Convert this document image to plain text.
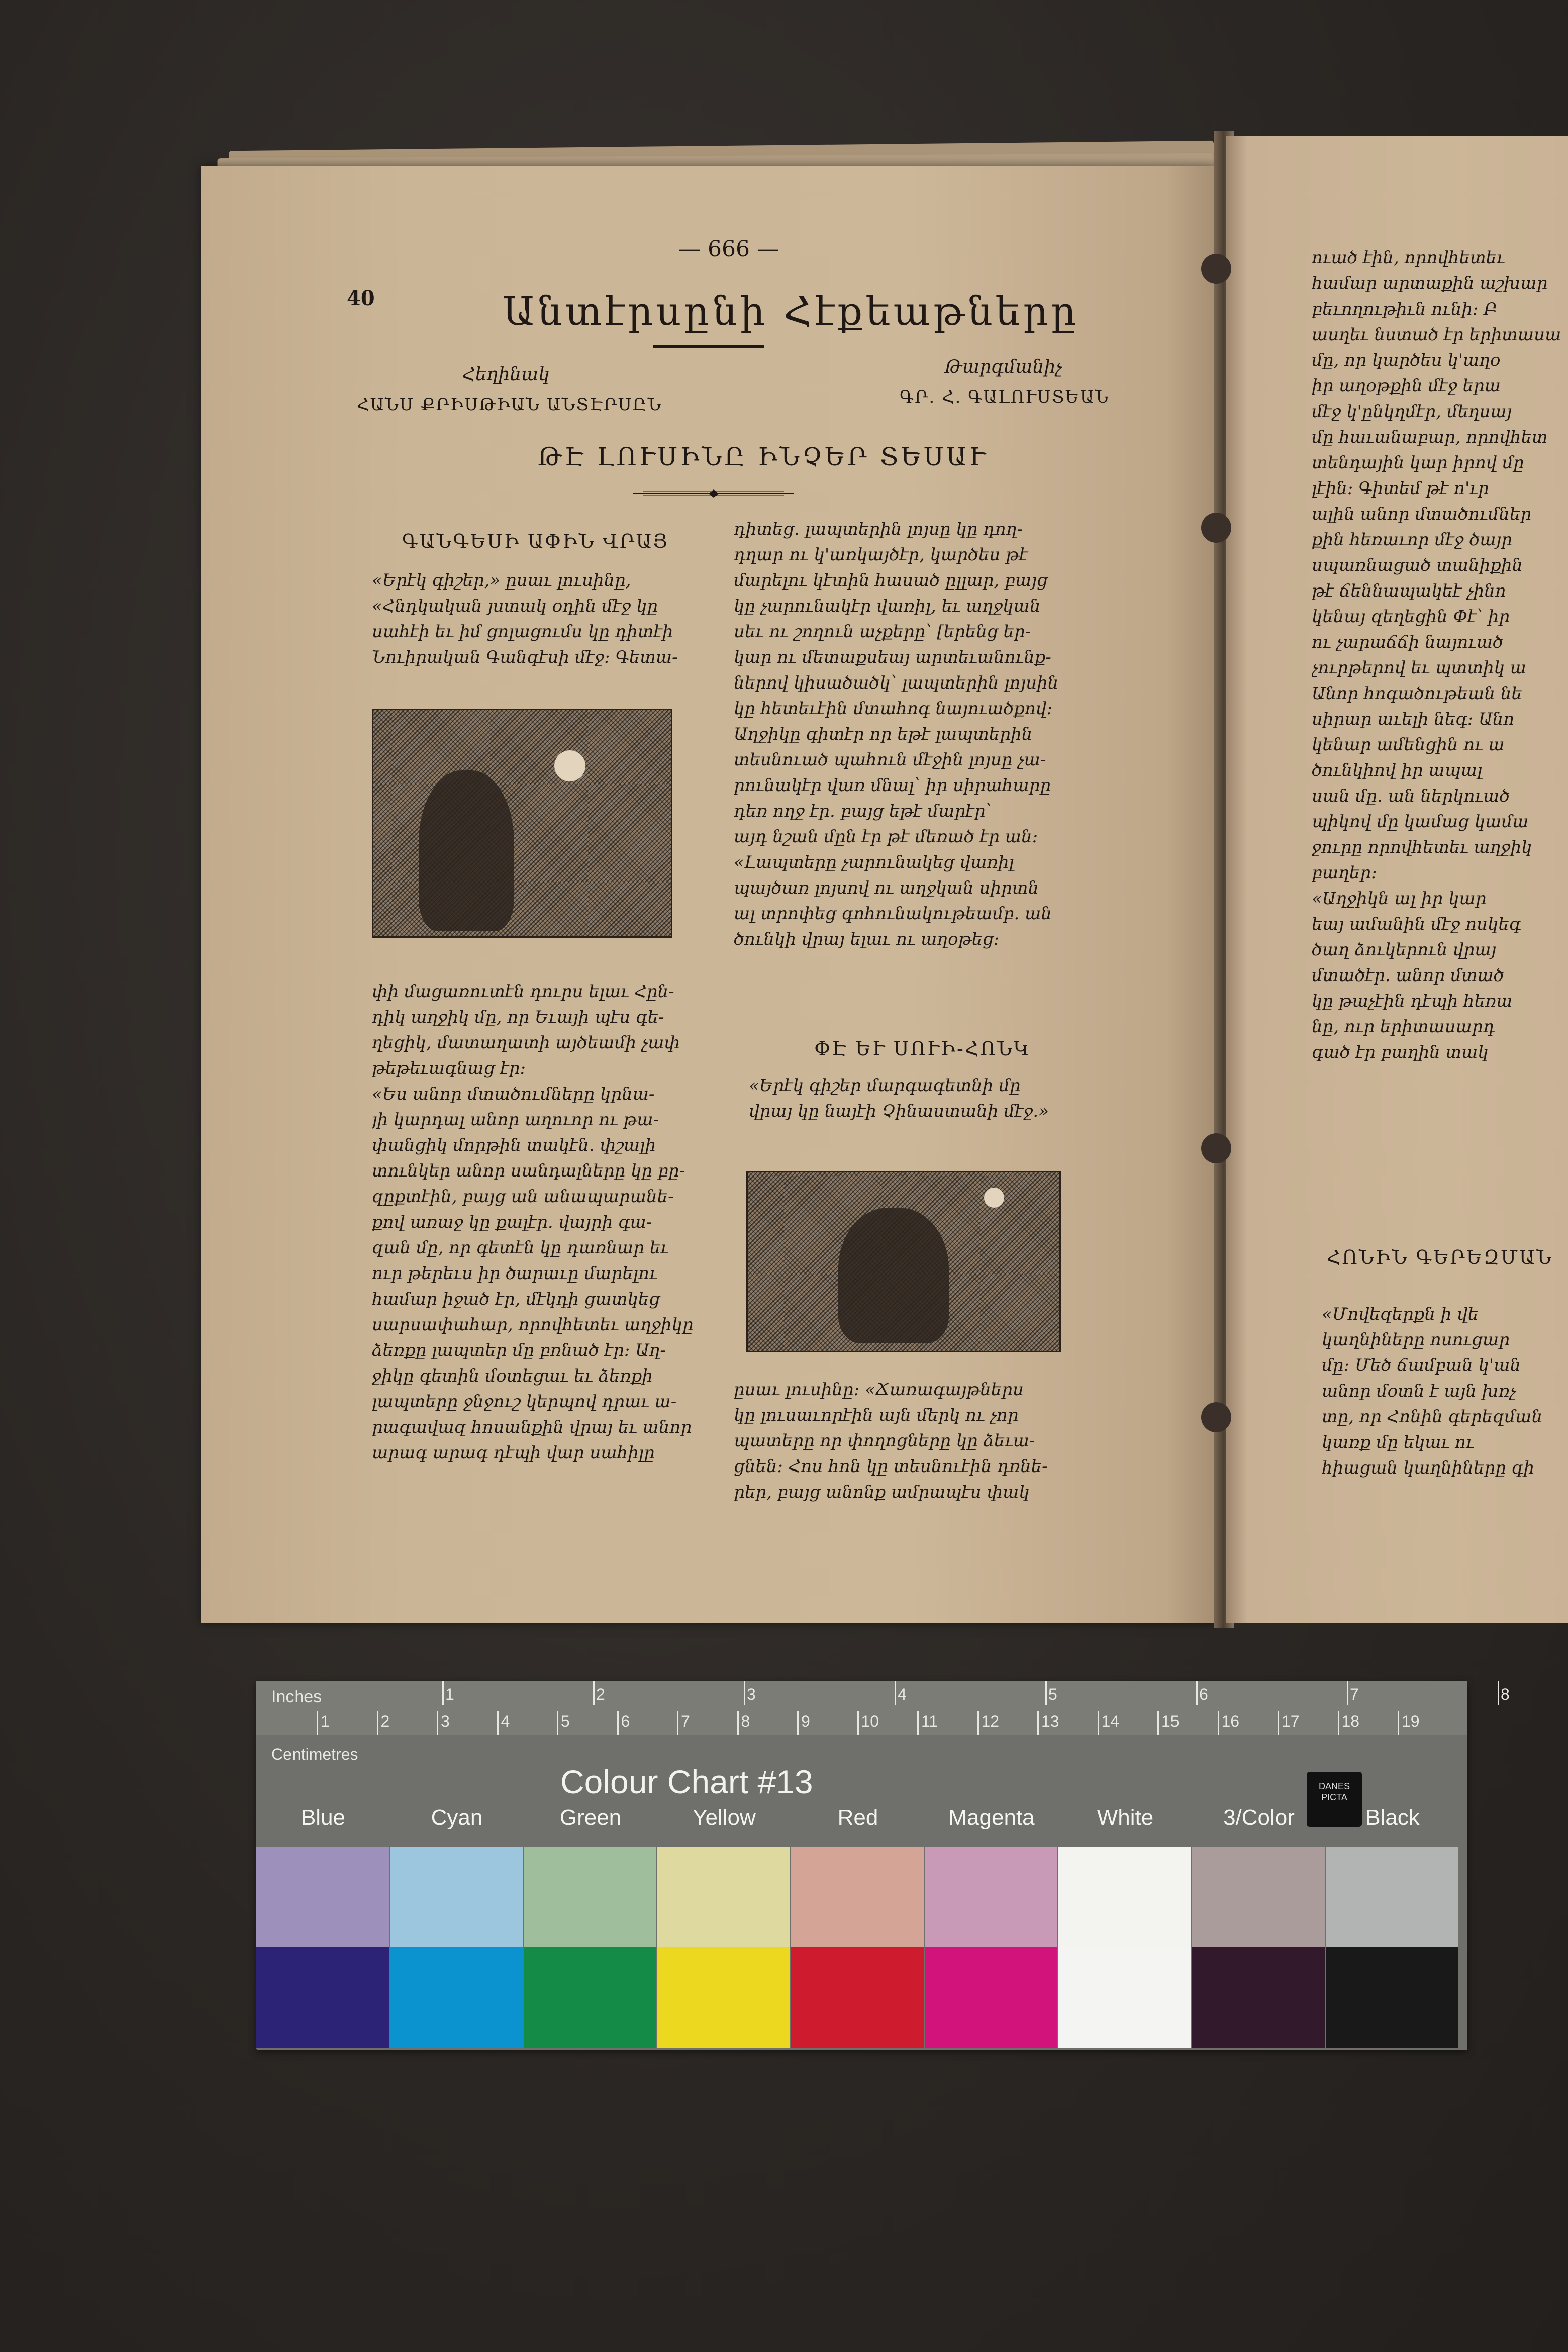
— 666 —
40	Անտէրսընի Հէքեաթները
Հեղինակ
ՀԱՆՍ ՔՐԻՍԹԻԱՆ ԱՆՏԷՐՍԸՆ
Թարգմանիչ
ԳՐ. Հ. ԳԱԼՈՒՍՏԵԱՆ
ԹԷ ԼՈՒՍԻՆԸ ԻՆՉԵՐ ՏԵՍԱՒ
ԳԱՆԳԵՍԻ ԱՓԻՆ ՎՐԱՅ
ՓԷ ԵՒ ՍՈՒԻ-ՀՈՆԿ
ՀՈՆԻՆ ԳԵՐԵԶՄԱՆ
«Երէկ գիշեր,» ըսաւ լուսինը,
«Հնդկական յստակ օդին մէջ կը
սահէի եւ իմ ցոլացումս կը դիտէի
Նուիրական Գանգէսի մէջ։ Գետա-
փի մացառուտէն դուրս ելաւ Հըն-
դիկ աղջիկ մը, որ Եւայի պէս գե-
ղեցիկ, մատաղատի այծեամի չափ
թեթեւագնաց էր։
«Ես անոր մտածումները կրնա-
յի կարդալ անոր աղուոր ու թա-
փանցիկ մորթին տակէն. փշալի
տունկեր անոր սանդալները կը բը-
զըքտէին, բայց ան անապարանե-
քով առաջ կը քալէր. վայրի գա-
զան մը, որ գետէն կը դառնար եւ
ուր թերեւս իր ծարաւը մարելու
համար իջած էր, մէկդի ցատկեց
սարսափահար, որովհետեւ աղջիկը
ձեռքը լապտեր մը բռնած էր։ Աղ-
ջիկը գետին մօտեցաւ եւ ձեռքի
լապտերը ջնջուշ կերպով դրաւ ա-
րագավազ հոսանքին վրայ եւ անոր
արագ արագ դէպի վար սահիլը
դիտեց. լապտերին լոյսը կը դող-
դղար ու կ'առկայծէր, կարծես թէ
մարելու կէտին հասած ըլլար, բայց
կը չարունակէր վառիլ, եւ աղջկան
սեւ ու շողուն աչքերը՝ [երենց եր-
կար ու մետաքսեայ արտեւանունք-
ներով կիսածածկ՝ լապտերին լոյսին
կը հետեւէին մտահոգ նայուածքով։
Աղջիկը գիտէր որ եթէ լապտերին
տեսնուած պահուն մէջին լոյսը չա-
րունակէր վառ մնալ՝ իր սիրահարը
դեռ ողջ էր. բայց եթէ մարէր՝
այդ նշան մըն էր թէ մեռած էր ան։
«Լապտերը չարունակեց վառիլ
պայծառ լոյսով ու աղջկան սիրտն
ալ տրոփեց գոհունակութեամբ. ան
ծունկի վրայ ելաւ ու աղօթեց։
«Երէկ գիշեր մարգագետնի մը
վրայ կը նայէի Չինաստանի մէջ.»
ըսաւ լուսինը։ «Ճառագայթներս
կը լուսաւորէին այն մերկ ու չոր
պատերը որ փողոցները կը ձեւա-
ցնեն։ Հոս հոն կը տեսնուէին դռնե-
րեր, բայց անոնք ամրապէս փակ
ուած էին, որովհետեւ
համար արտաքին աշխար
բեւողութիւն ունի։ Բ
ասղեւ նստած էր երիտասա
մը, որ կարծես կ'աղօ
իր աղօթքին մէջ երա
մէջ կ'ընկղմէր, մեղսայ
մը հաւանաբար, որովհետ
տենդային կար իրով մը
լէին։ Գիտեմ թէ ո'ւր
ալին անոր մտածումներ
քին հեռաւոր մէջ ծայր
սպառնացած տանիքին
թէ ճեննապակեէ չինո
կենայ զեղեցին Փէ՝ իր
ու չարաճճի նայուած
չուրթերով եւ պտտիկ ա
Անոր հոգածութեան նե
սիրար աւելի նեգ։ Անո
կենար ամենցին ու ա
ծունկիով իր ապալ
սան մը. ան ներկուած
պիկով մը կամաց կամա
ջուրը որովհետեւ աղջիկ
բաղեր։
«Աղջիկն ալ իր կար
եայ ամանին մէջ ոսկեգ
ծաղ ձուկերուն վրայ
մտածէր. անոր մտած
կը թաչէին դէպի հեռա
նը, ուր երիտասարդ
գած էր բաղին տակ
«Մովեզերքն ի վե
կաղնիները ոսուցար
մը։ Մեծ ճամբան կ'ան
անոր մօտն է այն խռչ
տը, որ Հոնին գերեզման
կառք մը եկաւ ու
հիացան կաղնիները գի
Inches
Centimetres
1	2	3	4	5	6	7	8
1	2	3	4	5	6	7	8	9	10	11	12	13	14	15	16	17	18	19
Colour Chart #13	DANES PICTA
Blue	Cyan	Green	Yellow	Red	Magenta	White	3/Color	Black
